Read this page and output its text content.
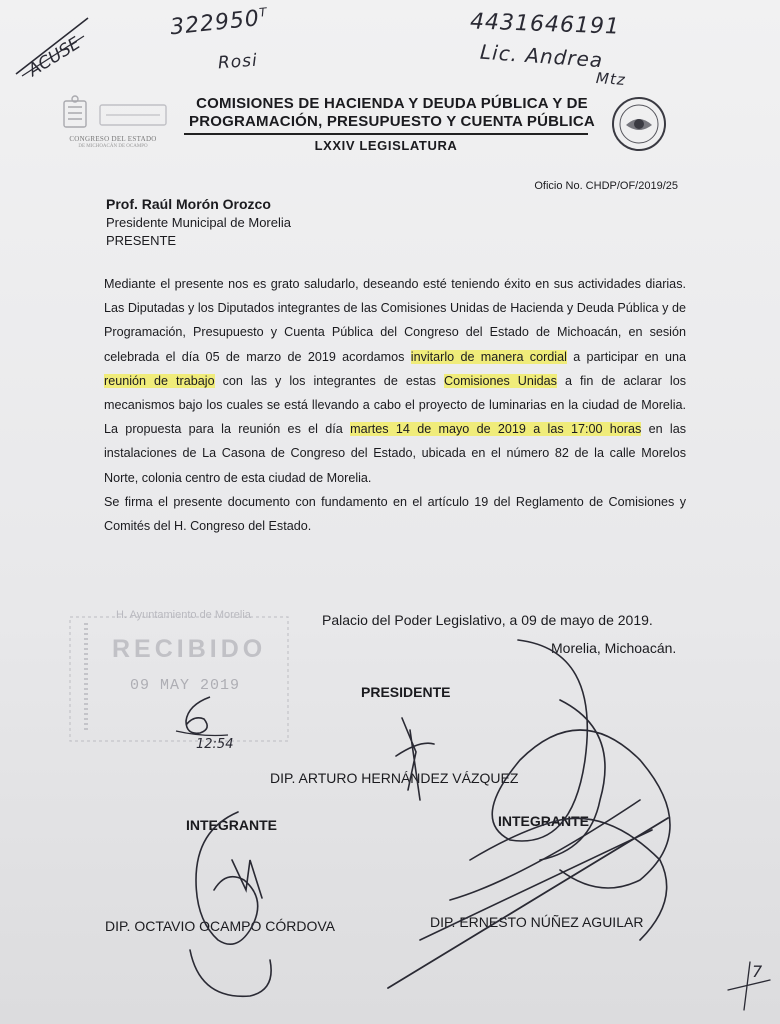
ACUSE
$322950^T$
Rosi
4431646191
Lic. Andrea
Mtz
CONGRESO DEL ESTADO
DE MICHOACÁN DE OCAMPO
COMISIONES DE HACIENDA Y DEUDA PÚBLICA Y DE
PROGRAMACIÓN, PRESUPUESTO Y CUENTA PÚBLICA
LXXIV LEGISLATURA
Oficio No. CHDP/OF/2019/25
Prof. Raúl Morón Orozco
Presidente Municipal de Morelia
PRESENTE

Mediante el presente nos es grato saludarlo, deseando esté teniendo éxito en sus actividades diarias. Las Diputadas y los Diputados integrantes de las Comisiones Unidas de Hacienda y Deuda Pública y de Programación, Presupuesto y Cuenta Pública del Congreso del Estado de Michoacán, en sesión celebrada el día 05 de marzo de 2019 acordamos invitarlo de manera cordial a participar en una reunión de trabajo con las y los integrantes de estas Comisiones Unidas a fin de aclarar los mecanismos bajo los cuales se está llevando a cabo el proyecto de luminarias en la ciudad de Morelia. La propuesta para la reunión es el día martes 14 de mayo de 2019 a las 17:00 horas en las instalaciones de La Casona de Congreso del Estado, ubicada en el número 82 de la calle Morelos Norte, colonia centro de esta ciudad de Morelia.

Se firma el presente documento con fundamento en el artículo 19 del Reglamento de Comisiones y Comités del H. Congreso del Estado.

H. Ayuntamiento de Morelia
RECIBIDO
09 MAY 2019
12:54
Palacio del Poder Legislativo, a 09 de mayo de 2019.
Morelia, Michoacán.
PRESIDENTE
DIP. ARTURO HERNÁNDEZ VÁZQUEZ
INTEGRANTE	INTEGRANTE
DIP. OCTAVIO OCAMPO CÓRDOVA	DIP. ERNESTO NÚÑEZ AGUILAR
7
